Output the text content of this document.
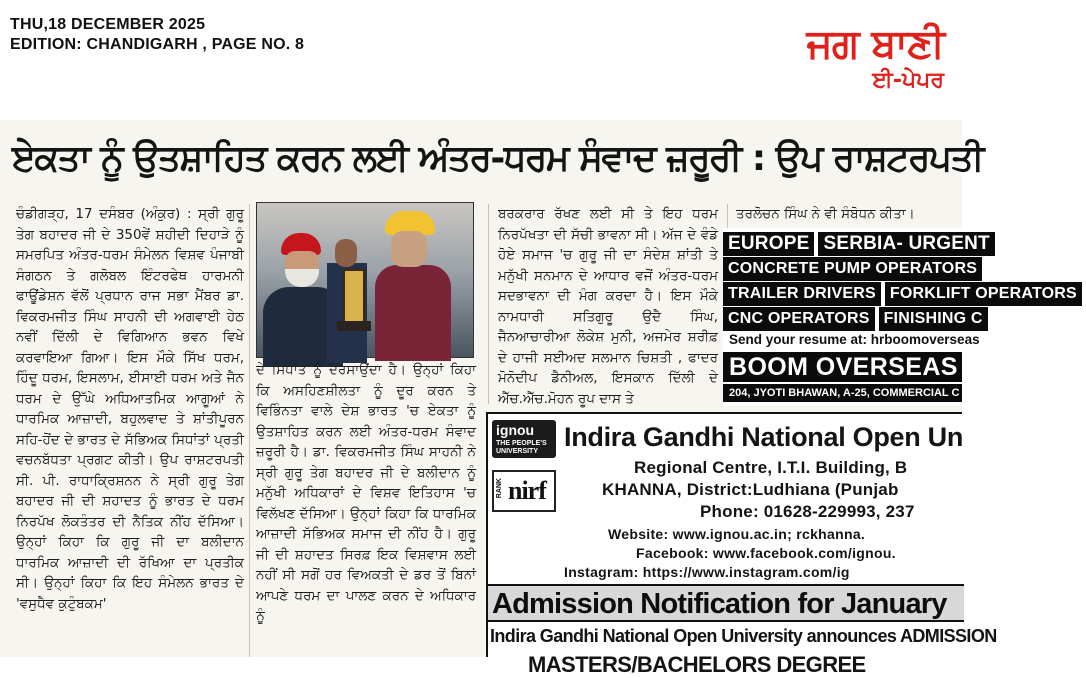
THU,18 DECEMBER 2025
EDITION: CHANDIGARH , PAGE NO. 8	ਜਗ ਬਾਣੀ
ਈ-ਪੇਪਰ
ਏਕਤਾ ਨੂੰ ਉਤਸ਼ਾਹਿਤ ਕਰਨ ਲਈ ਅੰਤਰ-ਧਰਮ ਸੰਵਾਦ ਜ਼ਰੂਰੀ : ਉਪ ਰਾਸ਼ਟਰਪਤੀ
ਚੰਡੀਗੜ੍ਹ, 17 ਦਸੰਬਰ (ਅੰਕੁਰ) : ਸ੍ਰੀ ਗੁਰੂ ਤੇਗ ਬਹਾਦਰ ਜੀ ਦੇ 350ਵੇਂ ਸ਼ਹੀਦੀ ਦਿਹਾੜੇ ਨੂੰ ਸਮਰਪਿਤ ਅੰਤਰ-ਧਰਮ ਸੰਮੇਲਨ ਵਿਸ਼ਵ ਪੰਜਾਬੀ ਸੰਗਠਨ ਤੇ ਗਲੋਬਲ ਇੰਟਰਫੇਥ ਹਾਰਮਨੀ ਫਾਊਂਡੇਸ਼ਨ ਵੱਲੋਂ ਪ੍ਰਧਾਨ ਰਾਜ ਸਭਾ ਮੈਂਬਰ ਡਾ. ਵਿਕਰਮਜੀਤ ਸਿੰਘ ਸਾਹਨੀ ਦੀ ਅਗਵਾਈ ਹੇਠ ਨਵੀਂ ਦਿੱਲੀ ਦੇ ਵਿਗਿਆਨ ਭਵਨ ਵਿਖੇ ਕਰਵਾਇਆ ਗਿਆ। ਇਸ ਮੌਕੇ ਸਿੱਖ ਧਰਮ, ਹਿੰਦੂ ਧਰਮ, ਇਸਲਾਮ, ਈਸਾਈ ਧਰਮ ਅਤੇ ਜੈਨ ਧਰਮ ਦੇ ਉੱਘੇ ਅਧਿਆਤਮਿਕ ਆਗੂਆਂ ਨੇ ਧਾਰਮਿਕ ਆਜ਼ਾਦੀ, ਬਹੁਲਵਾਦ ਤੇ ਸ਼ਾਂਤੀਪੂਰਨ ਸਹਿ-ਹੋਂਦ ਦੇ ਭਾਰਤ ਦੇ ਸੱਭਿਅਕ ਸਿਧਾਂਤਾਂ ਪ੍ਰਤੀ ਵਚਨਬੱਧਤਾ ਪ੍ਰਗਟ ਕੀਤੀ। ਉਪ ਰਾਸ਼ਟਰਪਤੀ ਸੀ. ਪੀ. ਰਾਧਾਕ੍ਰਿਸ਼ਨਨ ਨੇ ਸ੍ਰੀ ਗੁਰੂ ਤੇਗ ਬਹਾਦਰ ਜੀ ਦੀ ਸ਼ਹਾਦਤ ਨੂੰ ਭਾਰਤ ਦੇ ਧਰਮ ਨਿਰਪੱਖ ਲੋਕਤੰਤਰ ਦੀ ਨੈਤਿਕ ਨੀਂਹ ਦੱਸਿਆ। ਉਨ੍ਹਾਂ ਕਿਹਾ ਕਿ ਗੁਰੂ ਜੀ ਦਾ ਬਲੀਦਾਨ ਧਾਰਮਿਕ ਆਜ਼ਾਦੀ ਦੀ ਰੱਖਿਆ ਦਾ ਪ੍ਰਤੀਕ ਸੀ। ਉਨ੍ਹਾਂ ਕਿਹਾ ਕਿ ਇਹ ਸੰਮੇਲਨ ਭਾਰਤ ਦੇ 'ਵਸੁਧੈਵ ਕੁਟੁੰਬਕਮ'
ਦੇ ਸਿਧਾਂਤ ਨੂੰ ਦਰਸਾਉਂਦਾ ਹੈ। ਉਨ੍ਹਾਂ ਕਿਹਾ ਕਿ ਅਸਹਿਣਸ਼ੀਲਤਾ ਨੂੰ ਦੂਰ ਕਰਨ ਤੇ ਵਿਭਿੰਨਤਾ ਵਾਲੇ ਦੇਸ਼ ਭਾਰਤ 'ਚ ਏਕਤਾ ਨੂੰ ਉਤਸ਼ਾਹਿਤ ਕਰਨ ਲਈ ਅੰਤਰ-ਧਰਮ ਸੰਵਾਦ ਜ਼ਰੂਰੀ ਹੈ। ਡਾ. ਵਿਕਰਮਜੀਤ ਸਿੰਘ ਸਾਹਨੀ ਨੇ ਸ੍ਰੀ ਗੁਰੂ ਤੇਗ ਬਹਾਦਰ ਜੀ ਦੇ ਬਲੀਦਾਨ ਨੂੰ ਮਨੁੱਖੀ ਅਧਿਕਾਰਾਂ ਦੇ ਵਿਸ਼ਵ ਇਤਿਹਾਸ 'ਚ ਵਿਲੱਖਣ ਦੱਸਿਆ। ਉਨ੍ਹਾਂ ਕਿਹਾ ਕਿ ਧਾਰਮਿਕ ਆਜ਼ਾਦੀ ਸੱਭਿਅਕ ਸਮਾਜ ਦੀ ਨੀਂਹ ਹੈ। ਗੁਰੂ ਜੀ ਦੀ ਸ਼ਹਾਦਤ ਸਿਰਫ਼ ਇਕ ਵਿਸ਼ਵਾਸ ਲਈ ਨਹੀਂ ਸੀ ਸਗੋਂ ਹਰ ਵਿਅਕਤੀ ਦੇ ਡਰ ਤੋਂ ਬਿਨਾਂ ਆਪਣੇ ਧਰਮ ਦਾ ਪਾਲਣ ਕਰਨ ਦੇ ਅਧਿਕਾਰ ਨੂੰ
ਬਰਕਰਾਰ ਰੱਖਣ ਲਈ ਸੀ ਤੇ ਇਹ ਧਰਮ ਨਿਰਪੱਖਤਾ ਦੀ ਸੱਚੀ ਭਾਵਨਾ ਸੀ। ਅੱਜ ਦੇ ਵੰਡੇ ਹੋਏ ਸਮਾਜ 'ਚ ਗੁਰੂ ਜੀ ਦਾ ਸੰਦੇਸ਼ ਸ਼ਾਂਤੀ ਤੇ ਮਨੁੱਖੀ ਸਨਮਾਨ ਦੇ ਆਧਾਰ ਵਜੋਂ ਅੰਤਰ-ਧਰਮ ਸਦਭਾਵਨਾ ਦੀ ਮੰਗ ਕਰਦਾ ਹੈ। ਇਸ ਮੌਕੇ ਨਾਮਧਾਰੀ ਸਤਿਗੁਰੂ ਉਦੈ ਸਿੰਘ, ਜੈਨਆਚਾਰੀਆ ਲੋਕੇਸ਼ ਮੁਨੀ, ਅਜਮੇਰ ਸ਼ਰੀਫ਼ ਦੇ ਹਾਜੀ ਸਈਅਦ ਸਲਮਾਨ ਚਿਸ਼ਤੀ , ਫਾਦਰ ਮੋਨੋਦੀਪ ਡੈਨੀਅਲ, ਇਸਕਾਨ ਦਿੱਲੀ ਦੇ ਐੱਚ.ਐੱਚ.ਮੋਹਨ ਰੂਪ ਦਾਸ ਤੇ
ਤਰਲੋਚਨ ਸਿੰਘ ਨੇ ਵੀ ਸੰਬੋਧਨ ਕੀਤਾ।
EUROPE SERBIA- URGENT
CONCRETE PUMP OPERATORS
TRAILER DRIVERS FORKLIFT OPERATORS
CNC OPERATORS FINISHING C
Send your resume at: hrboomoverseas
BOOM OVERSEAS $^{CERT. 100}$
204, JYOTI BHAWAN, A-25, COMMERCIAL C
ignou
THE PEOPLE'S UNIVERSITY
RANK nirf
Indira Gandhi National Open Un
Regional Centre, I.T.I. Building, B
KHANNA, District:Ludhiana (Punjab
Phone: 01628-229993, 237
Website: www.ignou.ac.in; rckhanna.
Facebook: www.facebook.com/ignou.
Instagram: https://www.instagram.com/ig
Admission Notification for January
Indira Gandhi National Open University announces ADMISSION
MASTERS/BACHELORS DEGREE
